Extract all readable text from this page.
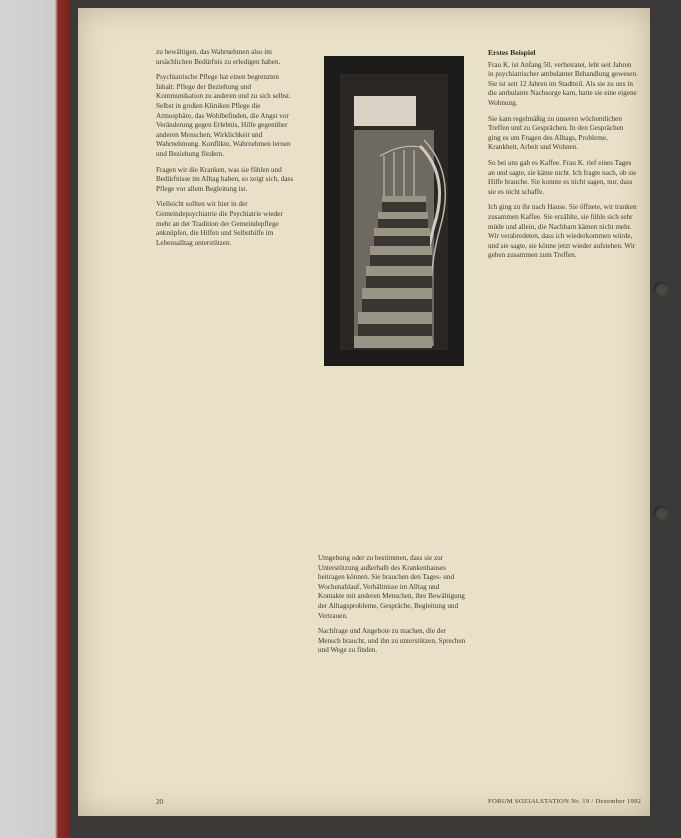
zu bewältigen, das Wahrnehmen also im ursächlichen Bedürfnis zu erledigen haben.

Psychiatrische Pflege hat einen begrenzten Inhalt: Pflege der Beziehung und Kommunikation zu anderen und zu sich selbst. Selbst in großen Kliniken Pflege die Atmosphäre, das Wohlbefinden, die Angst vor Veränderung gegen Erlebnis, Hilfe gegenüber anderen Menschen, Wirklichkeit und Wahrnehmung. Konflikte, Wahrnehmen lernen und Beziehung fördern.

Fragen wir die Kranken, was sie fühlen und Bedürfnisse im Alltag haben, so zeigt sich, dass Pflege vor allem Begleitung ist.

Vielleicht sollten wir hier in der Gemeindepsychiatrie die Psychiatrie wieder mehr an der Tradition der Gemeindepflege anknüpfen, die Hilfen und Selbsthilfe im Lebensalltag unterstützen.

Umgebung oder zu bestimmen, dass sie zur Unterstützung außerhalb des Krankenhauses beitragen können. Sie brauchen den Tages- und Wochenablauf, Verhältnisse im Alltag und Kontakte mit anderen Menschen, ihre Bewältigung der Alltagsprobleme, Gespräche, Begleitung und Vertrauen.

Nachfrage und Angebote zu machen, die der Mensch braucht, und ihn zu unterstützen, Sprechen und Wege zu finden.

Erstes Beispiel

Frau K. ist Anfang 50, verheiratet, lebt seit Jahren in psychiatrischer ambulanter Behandlung gewesen. Sie ist seit 12 Jahren im Stadtteil. Als sie zu uns in die ambulante Nachsorge kam, hatte sie eine eigene Wohnung.

Sie kam regelmäßig zu unseren wöchentlichen Treffen und zu Gesprächen. In den Gesprächen ging es um Fragen des Alltags, Probleme, Krankheit, Arbeit und Wohnen.

So bei uns gab es Kaffee. Frau K. rief eines Tages an und sagte, sie käme nicht. Ich fragte nach, ob sie Hilfe brauche. Sie konnte es nicht sagen, nur, dass sie es nicht schaffe.

Ich ging zu ihr nach Hause. Sie öffnete, wir tranken zusammen Kaffee. Sie erzählte, sie fühle sich sehr müde und allein, die Nachbarn kämen nicht mehr. Wir verabredeten, dass ich wiederkommen würde, und sie sagte, sie könne jetzt wieder aufstehen. Wir gehen zusammen zum Treffen.

20	FORUM SOZIALSTATION Nr. 19 / Dezember 1992
